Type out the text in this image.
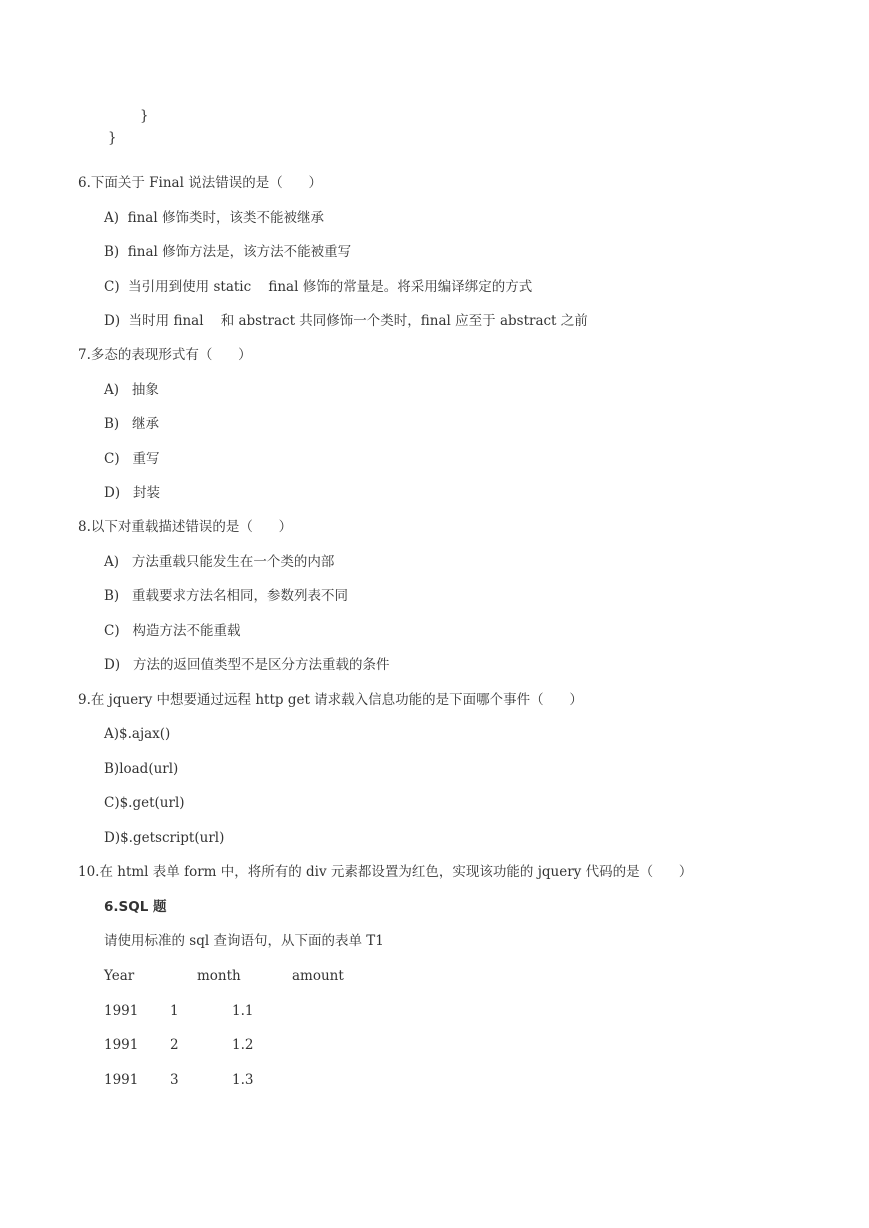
}
}
6.下面关于 Final 说法错误的是（      ）
A)  final 修饰类时，该类不能被继承
B)  final 修饰方法是，该方法不能被重写
C)  当引用到使用 static    final 修饰的常量是。将采用编译绑定的方式
D)  当时用 final    和 abstract 共同修饰一个类时，final 应至于 abstract 之前
7.多态的表现形式有（      ）
A)   抽象
B)   继承
C)   重写
D)   封装
8.以下对重载描述错误的是（      ）
A)   方法重载只能发生在一个类的内部
B)   重载要求方法名相同，参数列表不同
C)   构造方法不能重载
D)   方法的返回值类型不是区分方法重载的条件
9.在 jquery 中想要通过远程 http get 请求载入信息功能的是下面哪个事件（      ）
A)$.ajax()
B)load(url)
C)$.get(url)
D)$.getscript(url)
10.在 html 表单 form 中，将所有的 div 元素都设置为红色，实现该功能的 jquery 代码的是（      ）
6.SQL 题
请使用标准的 sql 查询语句，从下面的表单 T1
Year	month	amount
1991 1	1.1
1991 2	1.2
1991 3	1.3
